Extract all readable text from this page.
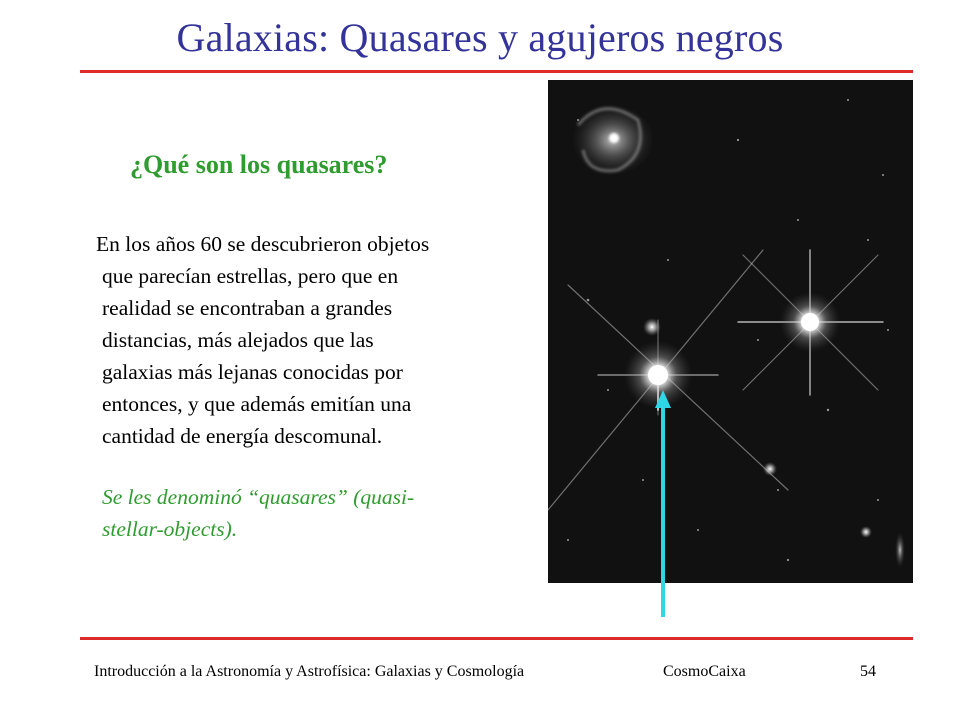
Galaxias: Quasares y agujeros negros
¿Qué son los quasares?
En los años 60 se descubrieron objetos
que parecían estrellas, pero que en
realidad se encontraban a grandes
distancias, más alejados que las
galaxias más lejanas conocidas por
entonces, y que además emitían una
cantidad de energía descomunal.
Se les denominó “quasares” (quasi-
stellar-objects).
Introducción a la Astronomía y Astrofísica: Galaxias y Cosmología	CosmoCaixa	54
